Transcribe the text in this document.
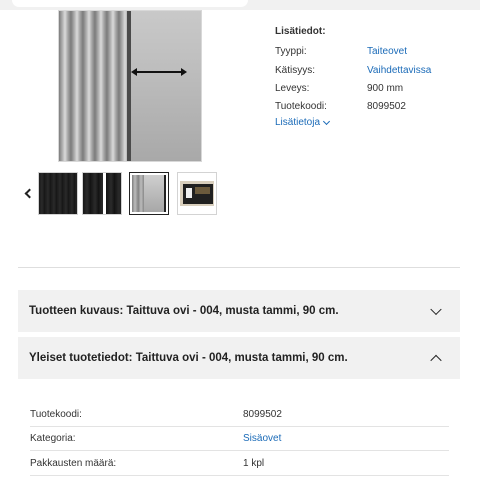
Lisätiedot:
Tyyppi:	Taiteovet
Kätisyys:	Vaihdettavissa
Leveys:	900 mm
Tuotekoodi:	8099502
Lisätietoja
Tuotteen kuvaus: Taittuva ovi - 004, musta tammi, 90 cm.
Yleiset tuotetiedot: Taittuva ovi - 004, musta tammi, 90 cm.
Tuotekoodi:	8099502
Kategoria:	Sisäovet
Pakkausten määrä:	1 kpl
